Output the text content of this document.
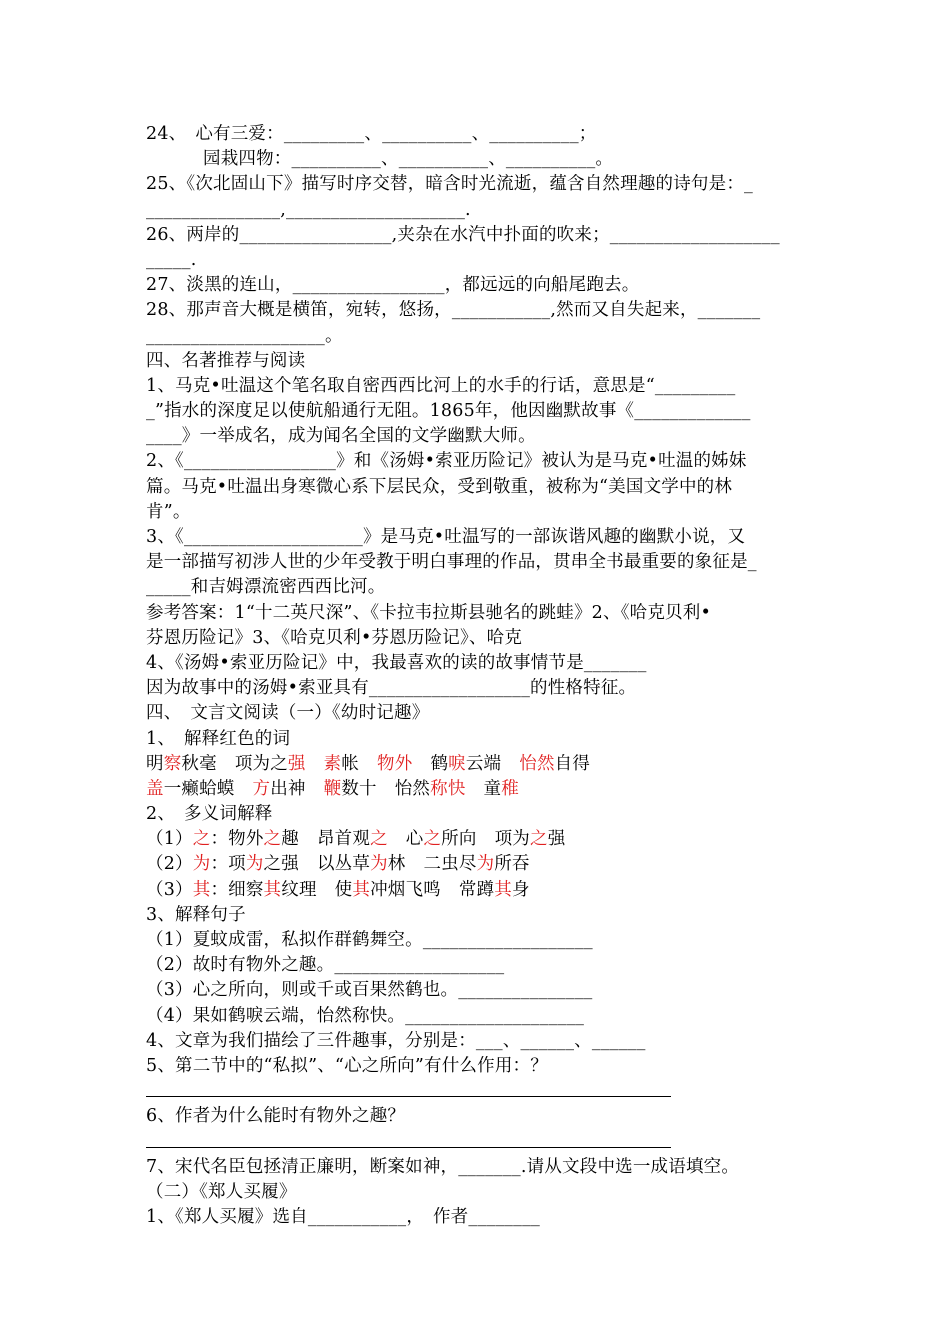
24、　心有三爱：_________、__________、__________；
园栽四物：__________、__________、__________。
25、《次北固山下》描写时序交替，暗含时光流逝，蕴含自然理趣的诗句是：_
_______________,____________________.
26、两岸的_________________,夹杂在水汽中扑面的吹来；___________________
_____.
27、淡黑的连山，_________________，都远远的向船尾跑去。
28、那声音大概是横笛，宛转，悠扬，___________,然而又自失起来，_______
____________________。
四、名著推荐与阅读
1、马克•吐温这个笔名取自密西西比河上的水手的行话，意思是“_________
_”指水的深度足以使航船通行无阻。1865年，他因幽默故事《_____________
____》一举成名，成为闻名全国的文学幽默大师。
2、《_________________》和《汤姆•索亚历险记》被认为是马克•吐温的姊妹
篇。马克•吐温出身寒微心系下层民众，受到敬重，被称为“美国文学中的林
肯”。
3、《____________________》是马克•吐温写的一部诙谐风趣的幽默小说，又
是一部描写初涉人世的少年受教于明白事理的作品，贯串全书最重要的象征是_
_____和吉姆漂流密西西比河。
参考答案：1“十二英尺深”、《卡拉韦拉斯县驰名的跳蛙》2、《哈克贝利•
芬恩历险记》3、《哈克贝利•芬恩历险记》、哈克
4、《汤姆•索亚历险记》中，我最喜欢的读的故事情节是_______
因为故事中的汤姆•索亚具有__________________的性格特征。
四、　文言文阅读（一）《幼时记趣》
1、　解释红色的词
明察秋毫 项为之强 素帐 物外 鹤唳云端 怡然自得
盖一癞蛤蟆 方出神 鞭数十 怡然称快 童稚
2、　多义词解释
（1）之：物外之趣 昂首观之 心之所向 项为之强
（2）为：项为之强 以丛草为林 二虫尽为所吞
（3）其：细察其纹理 使其冲烟飞鸣 常蹲其身
3、解释句子
（1）夏蚊成雷，私拟作群鹤舞空。___________________
（2）故时有物外之趣。___________________
（3）心之所向，则或千或百果然鹤也。_______________
（4）果如鹤唳云端，怡然称快。____________________
4、文章为我们描绘了三件趣事，分别是：___、______、______
5、第二节中的“私拟”、“心之所向”有什么作用：？
6、作者为什么能时有物外之趣？
7、宋代名臣包拯清正廉明，断案如神，_______.请从文段中选一成语填空。
（二）《郑人买履》
1、《郑人买履》选自___________，　作者________
